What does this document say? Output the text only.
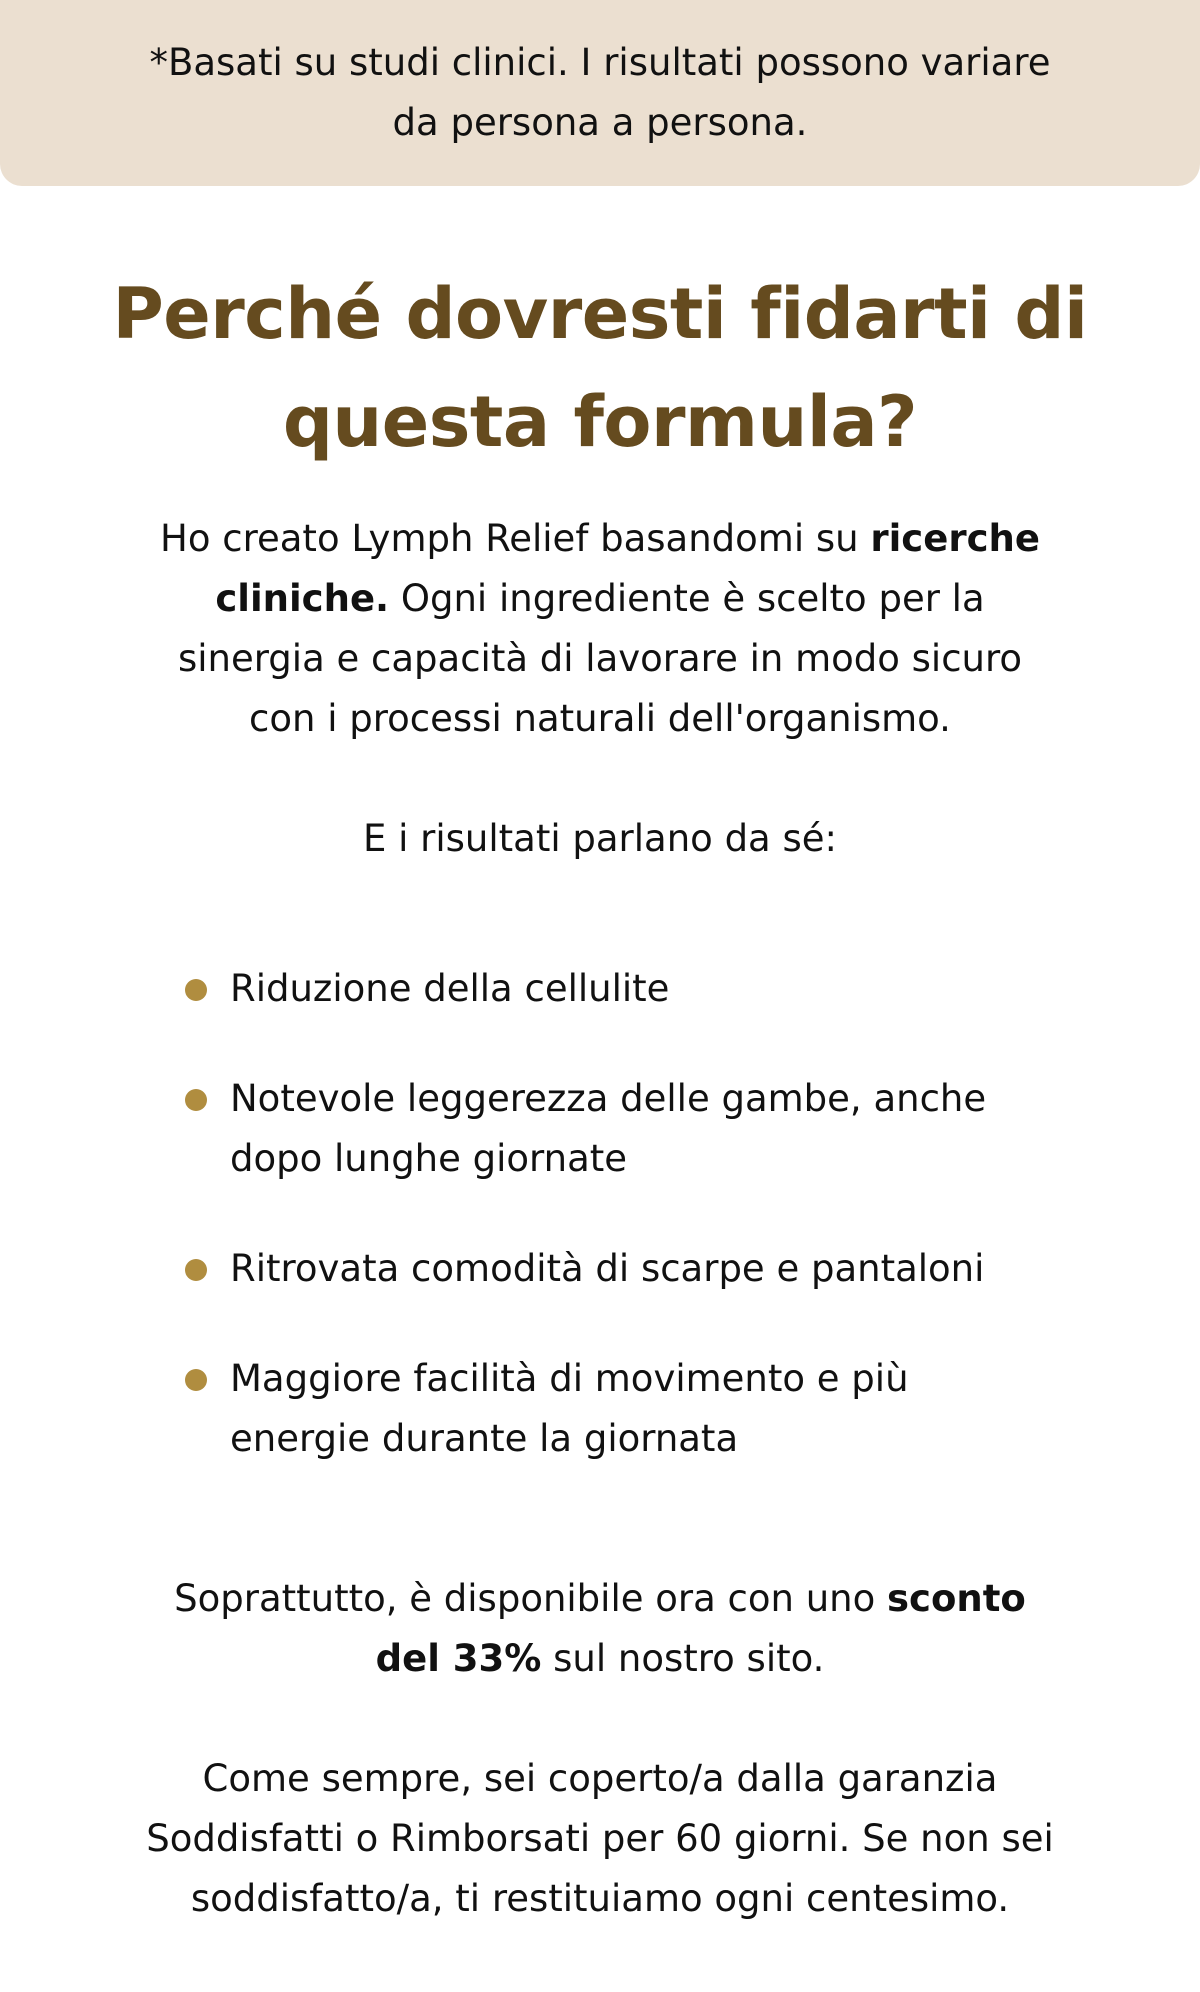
*Basati su studi clinici. I risultati possono variare da persona a persona.

Perché dovresti fidarti di questa formula?

Ho creato Lymph Relief basandomi su ricerche cliniche. Ogni ingrediente è scelto per la sinergia e capacità di lavorare in modo sicuro con i processi naturali dell'organismo.

E i risultati parlano da sé:

Riduzione della cellulite
Notevole leggerezza delle gambe, anche dopo lunghe giornate
Ritrovata comodità di scarpe e pantaloni
Maggiore facilità di movimento e più energie durante la giornata

Soprattutto, è disponibile ora con uno sconto del 33% sul nostro sito.

Come sempre, sei coperto/a dalla garanzia Soddisfatti o Rimborsati per 60 giorni. Se non sei soddisfatto/a, ti restituiamo ogni centesimo.
